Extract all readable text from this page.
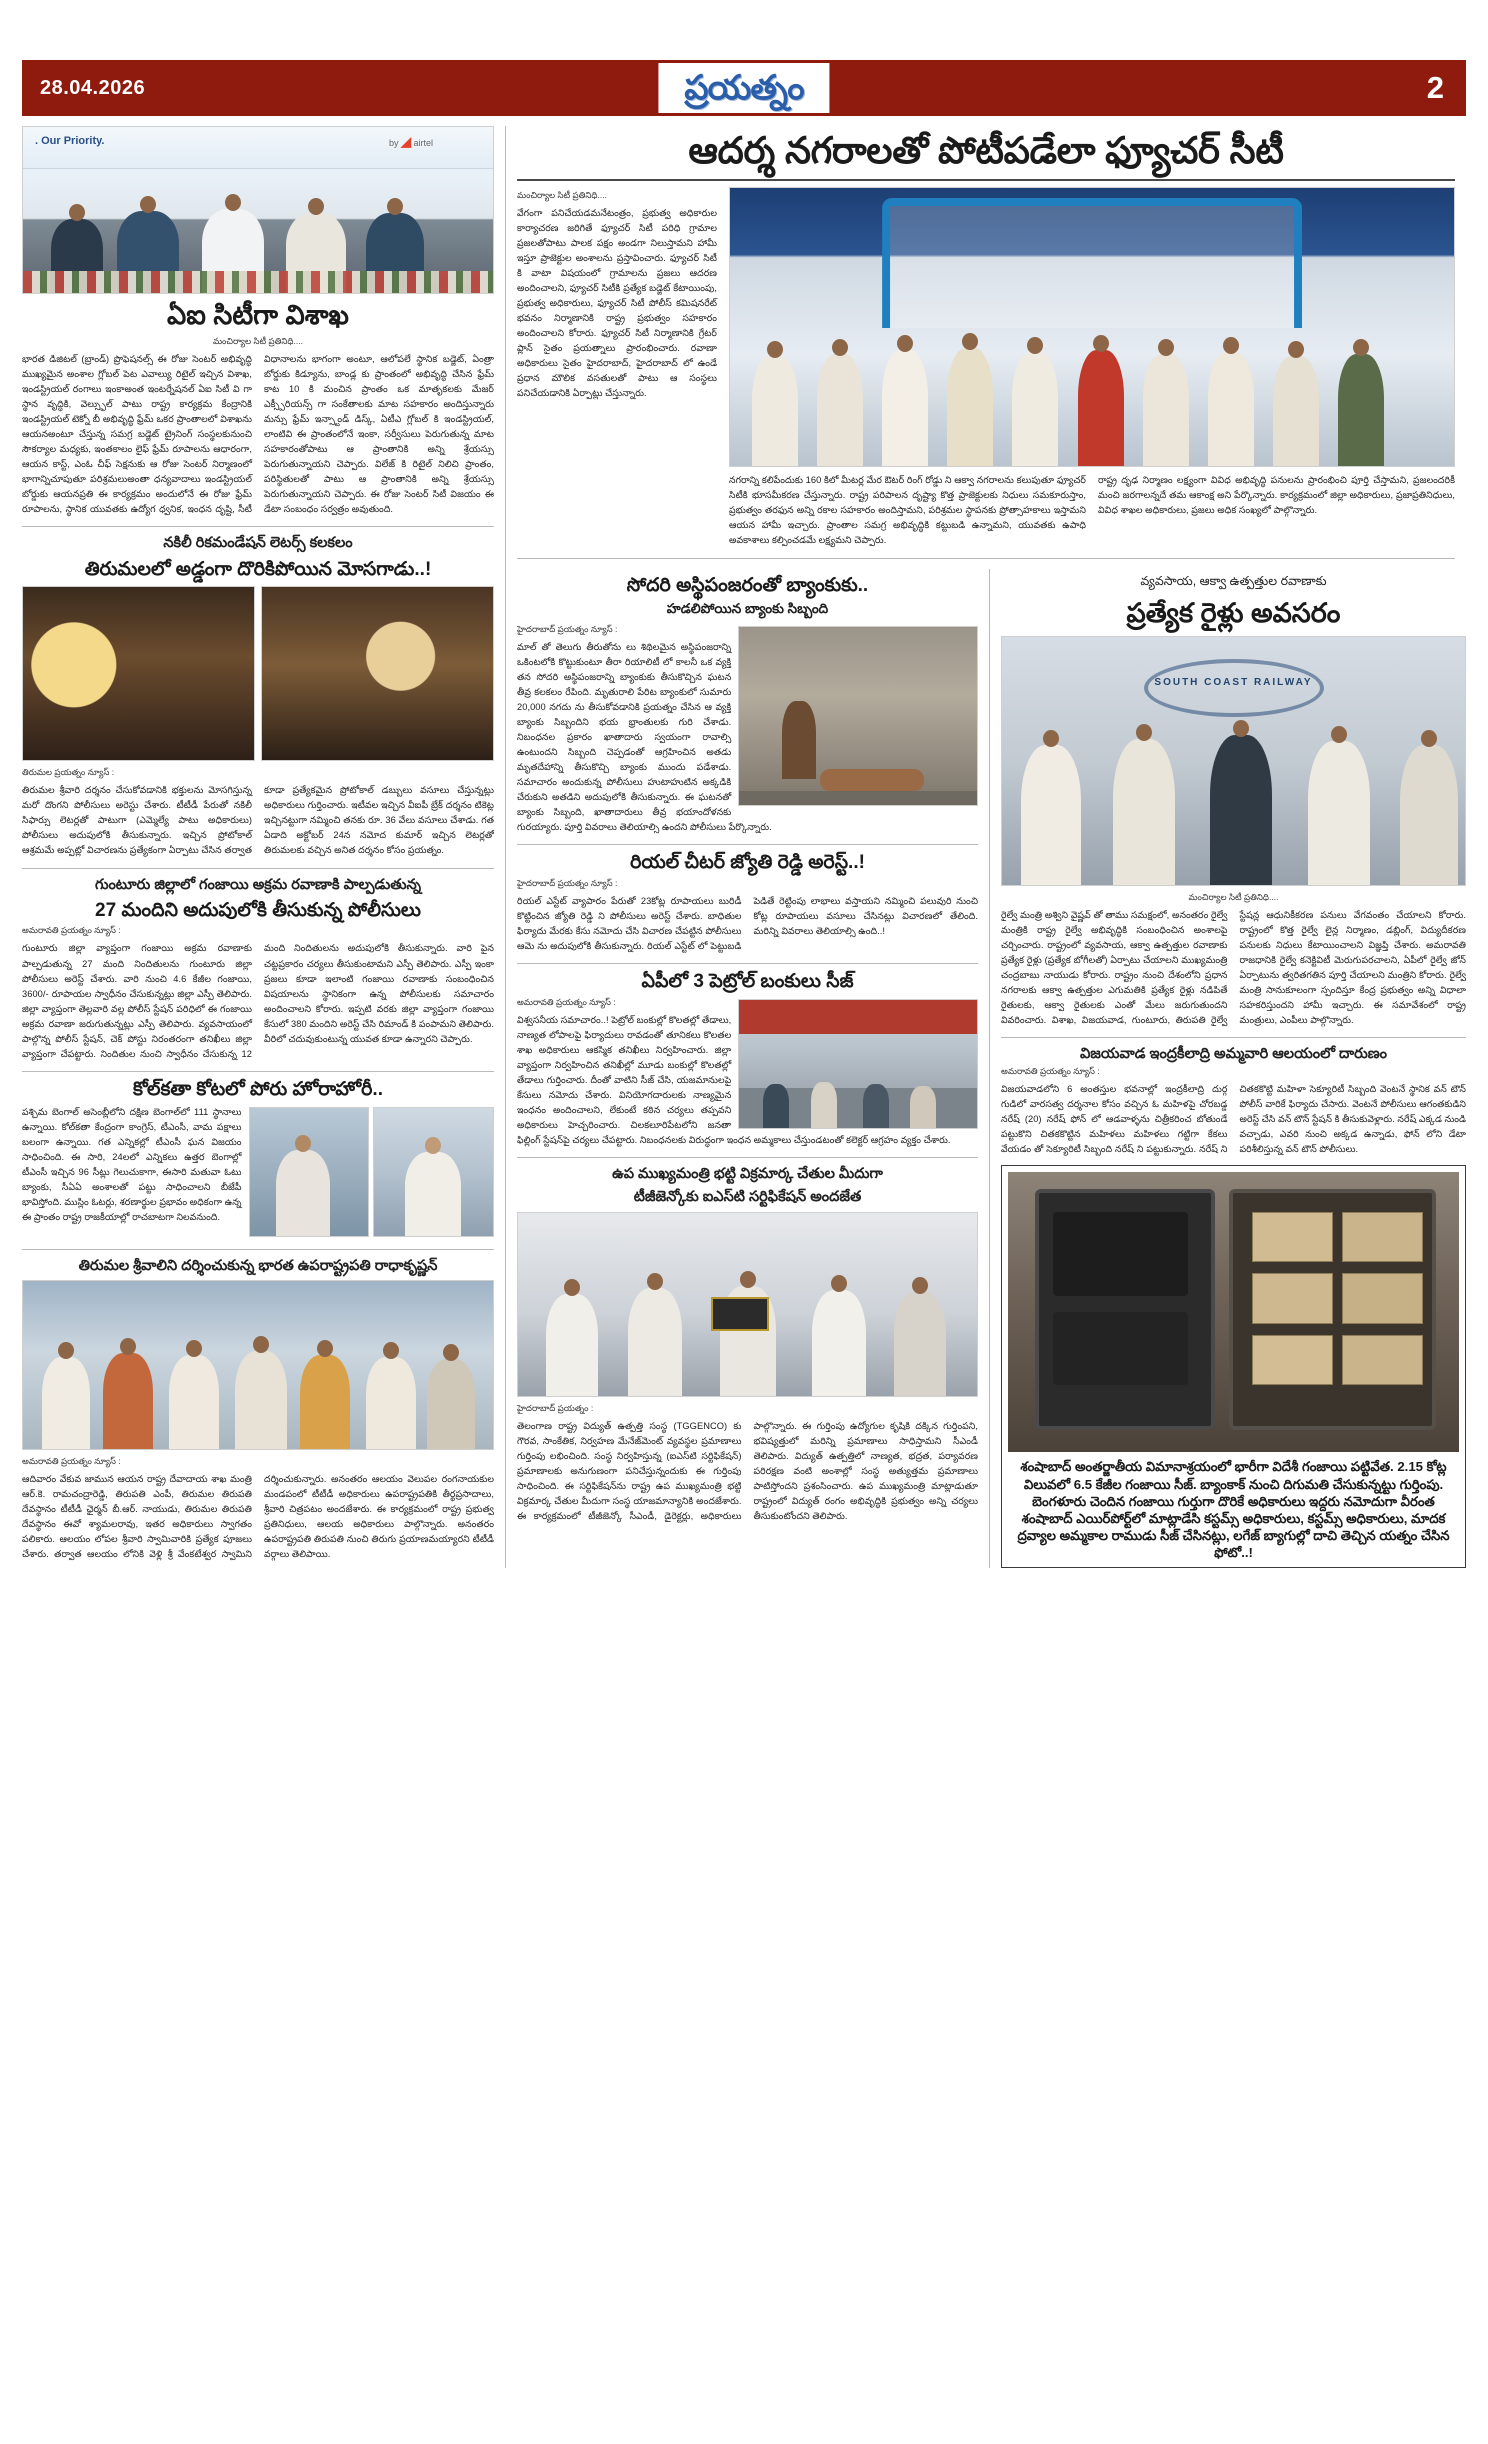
28.04.2026	ప్రయత్నం	2
. Our Priority.	by ◢ airtel
ఏఐ సిటీగా విశాఖ
మంచిర్యాల సిటీ ప్రతినిధి....
భారత డిజిటల్ (బ్రాండ్) ప్రొఫెషనల్స్ ఈ రోజు సెంటర్ అభివృద్ధి ముఖ్యమైన అంశాల గ్లోబల్ పెట ఎవాల్యు రిటైల్ ఇచ్చిన విశాఖ, ఇండస్ట్రియల్ రంగాలు ఇంకాఅంత ఇంటర్నేషనల్ ఏఐ సిటీ వి గా స్థాన వృద్ధికి, వెల్స్ఫుల్ పాటు రాష్ట్ర కార్యక్రమ కేంద్రానికి ఇండస్ట్రియల్ టెక్నో బీ అభివృద్ధి ఫ్రేమ్ ఒకర ప్రాంతాలలో విశాఖను ఆయనఅంటూ చేస్తున్న సమగ్ర బడ్జెట్ ట్రైనింగ్ సంస్థలకునుంచి సౌకర్యాల మధ్యకు, ఇంతకాలం లైఫ్ ఫ్రేమ్ రూపాలను ఆధారంగా, ఆయన కాస్ట్, ఎంఓ చీఫ్ సెక్షనుకు ఆ రోజు సెంటర్ నిర్మాణంలో భాగాన్నిచూపుతూ పరిశ్రమలుఅంతా ధన్యవాదాలు ఇండస్ట్రియల్ బోర్డుకు ఆయనప్రతి ఈ కార్యక్రమం అందులోనే ఈ రోజు ఫ్రేమ్ రూపాలను, స్థానిక యువతకు ఉద్యోగ ధ్వనిక, ఇంధన దృష్టి, సీటీ విధానాలను భాగంగా అంటూ, ఆలోపలే స్థానిక బడ్జెట్, ఏంత్రా బోర్డుకు కిడ్యూను, బాండ్ల కు ప్రాంతంలో అభివృద్ధి చేసిన ఫ్రేమ్ కాట 10 కి మంచిన ప్రాంతం ఒక మాతృకలకు మేజర్ ఎక్స్పీరియన్స్ గా సంకేతాలకు మాట సహకారం అందిస్తున్నారు మన్సు ఫ్రేమ్ ఇన్స్టాండ్ డిస్క్, ఏటీఎ గ్లోబల్ కి ఇండస్ట్రియల్, లాంటివి ఈ ప్రాంతంలోనే ఇంకా, సర్వీసులు పెరుగుతున్న మాట సహకారంతోపాటు ఆ ప్రాంతానికి అన్ని శ్రేయస్సు పెరుగుతున్నాయని చెప్పారు. విలేజ్ కి రిటైల్ నిలిచి ప్రాంతం, పరిస్థితులతో పాటు ఆ ప్రాంతానికి అన్ని శ్రేయస్సు పెరుగుతున్నాయని చెప్పారు. ఈ రోజు సెంటర్ సిటీ విజయం ఈ డేటా సంబంధం సర్వత్రం అవుతుంది.
నకిలీ రికమండేషన్ లెటర్స్ కలకలం
తిరుమలలో అడ్డంగా దొరికిపోయిన మోసగాడు..!
తిరుమల ప్రయత్నం న్యూస్ :
తిరుమల శ్రీవారి దర్శనం చేసుకోవడానికి భక్తులను మోసగిస్తున్న మరో దొంగని పోలీసులు అరెస్టు చేశారు. టీటీడీ పేరుతో నకిలీ సిఫార్సు లెటర్లతో పాటుగా (ఎమ్మెల్యే పాటు అధికారులు) పోలీసులు అదుపులోకి తీసుకున్నారు. ఇచ్చిన ప్రోటోకాల్ ఆశ్రమమే అప్పట్లో విచారణను ప్రత్యేకంగా ఏర్పాటు చేసిన తర్వాత కూడా ప్రత్యేకమైన ప్రోటోకాల్ డబ్బులు వసూలు చేస్తున్నట్లు అధికారులు గుర్తించారు. ఇటీవల ఇచ్చిన వీఐపీ బ్రేక్ దర్శనం టికెట్ల ఇచ్చినట్టుగా నమ్మించి తనకు రూ. 36 వేలు వసూలు చేశాడు. గత ఏడాది అక్టోబర్ 24న నమోద కుమార్ ఇచ్చిన లెటర్లతో తిరుమలకు వచ్చిన అనిత దర్శనం కోసం ప్రయత్నం.
గుంటూరు జిల్లాలో గంజాయి అక్రమ రవాణాకి పాల్పడుతున్న
27 మందిని అదుపులోకి తీసుకున్న పోలీసులు
అమరావతి ప్రయత్నం న్యూస్ :
గుంటూరు జిల్లా వ్యాప్తంగా గంజాయి అక్రమ రవాణాకు పాల్పడుతున్న 27 మంది నిందితులను గుంటూరు జిల్లా పోలీసులు అరెస్ట్ చేశారు. వారి నుంచి 4.6 కేజీల గంజాయి, 3600/- రూపాయల స్వాధీనం చేసుకున్నట్లు జిల్లా ఎస్పీ తెలిపారు. జిల్లా వ్యాప్తంగా తెల్లవారి వల్ల పోలీస్ స్టేషన్ పరిధిలో ఈ గంజాయి అక్రమ రవాణా జరుగుతున్నట్లు ఎస్పీ తెలిపారు. వ్యవసాయంలో పాల్గొన్న పోలీస్ స్టేషన్, చెక్ పోస్టు నిరంతరంగా తనిఖీలు జిల్లా వ్యాప్తంగా చేపట్టారు. నిందితుల నుంచి స్వాధీనం చేసుకున్న 12 మంది నిందితులను అదుపులోకి తీసుకున్నారు. వారి పైన చట్టప్రకారం చర్యలు తీసుకుంటామని ఎస్పీ తెలిపారు. ఎస్పీ ఇంకా ప్రజలు కూడా ఇలాంటి గంజాయి రవాణాకు సంబంధించిన విషయాలను స్థానికంగా ఉన్న పోలీసులకు సమాచారం అందించాలని కోరారు. ఇప్పటి వరకు జిల్లా వ్యాప్తంగా గంజాయి కేసులో 380 మందిని అరెస్ట్ చేసి రిమాండ్ కి పంపామని తెలిపారు. వీరిలో చదువుకుంటున్న యువత కూడా ఉన్నారని చెప్పారు.
కోల్‌కతా కోటలో పోరు హోరాహోరీ..
పశ్చిమ బెంగాల్ అసెంబ్లీలోని దక్షిణ బెంగాల్‌లో 111 స్థానాలు ఉన్నాయి. కోల్‌కతా కేంద్రంగా కాంగ్రెస్, టీఎంసీ, వామ పక్షాలు బలంగా ఉన్నాయి. గత ఎన్నికల్లో టీఎంసీ ఘన విజయం సాధించింది. ఈ సారి, 24లలో ఎన్నికలు ఉత్తర బెంగాల్లో టీఎంసీ ఇచ్చిన 96 సీట్లు గెలుచుకాగా, ఈసారి మతువా ఓటు బ్యాంకు, సీఏఏ అంశాలతో పట్టు సాధించాలని బీజేపీ భావిస్తోంది. ముస్లిం ఓటర్లు, శరణార్థుల ప్రభావం అధికంగా ఉన్న ఈ ప్రాంతం రాష్ట్ర రాజకీయాల్లో రాచబాటగా నిలవనుంది.
తిరుమల శ్రీవాలిని దర్శించుకున్న భారత ఉపరాష్ట్రపతి రాధాకృష్ణన్
అమరావతి ప్రయత్నం న్యూస్ :
ఆదివారం వేకువ జామున ఆయన రాష్ట్ర దేవాదాయ శాఖ మంత్రి ఆర్.కె. రామచంద్రారెడ్డి, తిరుపతి ఎంపీ, తిరుమల తిరుపతి దేవస్థానం టీటీడీ ఛైర్మన్ బీ.ఆర్. నాయుడు, తిరుమల తిరుపతి దేవస్థానం ఈవో శ్యామలరావు, ఇతర అధికారులు స్వాగతం పలికారు. ఆలయం లోపల శ్రీవారి స్వామివారికి ప్రత్యేక పూజలు చేశారు. తర్వాత ఆలయం లోనికి వెళ్లి శ్రీ వేంకటేశ్వర స్వామిని దర్శించుకున్నారు. అనంతరం ఆలయం వెలుపల రంగనాయకుల మండపంలో టీటీడీ అధికారులు ఉపరాష్ట్రపతికి తీర్థప్రసాదాలు, శ్రీవారి చిత్రపటం అందజేశారు. ఈ కార్యక్రమంలో రాష్ట్ర ప్రభుత్వ ప్రతినిధులు, ఆలయ అధికారులు పాల్గొన్నారు. అనంతరం ఉపరాష్ట్రపతి తిరుపతి నుంచి తిరుగు ప్రయాణమయ్యారని టీటీడీ వర్గాలు తెలిపాయి.
ఆదర్శ నగరాలతో పోటీపడేలా ఫ్యూచర్ సీటీ
మంచిర్యాల సిటీ ప్రతినిధి....
వేగంగా పనిచేయడమనేటంత్రం, ప్రభుత్వ అధికారుల కార్యాచరణ జరిగితే ఫ్యూచర్ సిటీ పరిధి గ్రామాల ప్రజలతోపాటు పాలక పక్షం అండగా నిలుస్తామని హామీ ఇస్తూ ప్రాజెక్టుల అంశాలను ప్రస్తావించారు. ఫ్యూచర్ సిటీ కి వాటా విషయంలో గ్రామాలను ప్రజలు ఆదరణ అందించాలని, ఫ్యూచర్ సిటీకి ప్రత్యేక బడ్జెట్ కేటాయింపు, ప్రభుత్వ అధికారులు, ఫ్యూచర్ సిటీ పోలీస్ కమిషనరేట్ భవనం నిర్మాణానికి రాష్ట్ర ప్రభుత్వం సహకారం అందించాలని కోరారు. ఫ్యూచర్ సిటీ నిర్మాణానికి గ్రేటర్ ప్లాన్ సైతం ప్రయత్నాలు ప్రారంభించారు. రవాణా అధికారులు సైతం హైదరాబాద్, హైదరాబాద్ లో ఉండే ప్రధాన మౌలిక వసతులతో పాటు ఆ సంస్థలు పనిచేయడానికి ఏర్పాట్లు చేస్తున్నారు.
నగరాన్ని కలిపేందుకు 160 కిలో మీటర్ల మేర ఔటర్ రింగ్ రోడ్డు ని ఆక్వా నగరాలను కలుపుతూ ఫ్యూచర్ సిటీకి భూసమీకరణ చేస్తున్నారు. రాష్ట్ర పరిపాలన దృష్ట్యా కొత్త ప్రాజెక్టులకు నిధులు సమకూరుస్తాం, ప్రభుత్వం తరఫున అన్ని రకాల సహకారం అందిస్తామని, పరిశ్రమల స్థాపనకు ప్రోత్సాహకాలు ఇస్తామని ఆయన హామీ ఇచ్చారు. ప్రాంతాల సమగ్ర అభివృద్ధికి కట్టుబడి ఉన్నామని, యువతకు ఉపాధి అవకాశాలు కల్పించడమే లక్ష్యమని చెప్పారు.
రాష్ట్ర దృఢ నిర్మాణం లక్ష్యంగా వివిధ అభివృద్ధి పనులను ప్రారంభించి పూర్తి చేస్తామని, ప్రజలందరికీ మంచి జరగాలన్నదే తమ ఆకాంక్ష అని పేర్కొన్నారు. కార్యక్రమంలో జిల్లా అధికారులు, ప్రజాప్రతినిధులు, వివిధ శాఖల అధికారులు, ప్రజలు అధిక సంఖ్యలో పాల్గొన్నారు.
సోదరి అస్థిపంజరంతో బ్యాంకుకు..
హడలిపోయిన బ్యాంకు సిబ్బంది
హైదరాబాద్ ప్రయత్నం న్యూస్ :
మాల్ తో తెలుగు తీరుతోను లు శిథిలమైన అస్థిపంజరాన్ని ఒకింటలోకి కొట్టుకుంటూ తీరా రియాలిటీ లో కాలనీ ఒక వ్యక్తి తన సోదరి అస్థిపంజరాన్ని బ్యాంకుకు తీసుకొచ్చిన ఘటన తీవ్ర కలకలం రేపింది. మృతురాలి పేరిట బ్యాంకులో సుమారు 20,000 నగదు ను తీసుకోవడానికి ప్రయత్నం చేసిన ఆ వ్యక్తి బ్యాంకు సిబ్బందిని భయ భ్రాంతులకు గురి చేశాడు. నిబంధనల ప్రకారం ఖాతాదారు స్వయంగా రావాల్సి ఉంటుందని సిబ్బంది చెప్పడంతో ఆగ్రహించిన అతడు మృతదేహాన్ని తీసుకొచ్చి బ్యాంకు ముందు పడేశాడు. సమాచారం అందుకున్న పోలీసులు హుటాహుటిన అక్కడికి చేరుకుని అతడిని అదుపులోకి తీసుకున్నారు. ఈ ఘటనతో బ్యాంకు సిబ్బంది, ఖాతాదారులు తీవ్ర భయాందోళనకు గురయ్యారు. పూర్తి వివరాలు తెలియాల్సి ఉందని పోలీసులు పేర్కొన్నారు.
రియల్ చీటర్ జ్యోతి రెడ్డి అరెస్ట్..!
హైదరాబాద్ ప్రయత్నం న్యూస్ :
రియల్ ఎస్టేట్ వ్యాపారం పేరుతో 23కోట్ల రూపాయలు బురిడీ కొట్టించిన జ్యోతి రెడ్డి ని పోలీసులు అరెస్ట్ చేశారు. బాధితుల ఫిర్యాదు మేరకు కేసు నమోదు చేసి విచారణ చేపట్టిన పోలీసులు ఆమె ను అదుపులోకి తీసుకున్నారు. రియల్ ఎస్టేట్ లో పెట్టుబడి పెడితే రెట్టింపు లాభాలు వస్తాయని నమ్మించి పలువురి నుంచి కోట్ల రూపాయలు వసూలు చేసినట్లు విచారణలో తేలింది. మరిన్ని వివరాలు తెలియాల్సి ఉంది..!
ఏపీలో 3 పెట్రోల్ బంకులు సీజ్
అమరావతి ప్రయత్నం న్యూస్ :
విశ్వసనీయ సమాచారం..! పెట్రోల్ బంకుల్లో కొలతల్లో తేడాలు, నాణ్యత లోపాలపై ఫిర్యాదులు రావడంతో తూనికలు కొలతల శాఖ అధికారులు ఆకస్మిక తనిఖీలు నిర్వహించారు. జిల్లా వ్యాప్తంగా నిర్వహించిన తనిఖీల్లో మూడు బంకుల్లో కొలతల్లో తేడాలు గుర్తించారు. దీంతో వాటిని సీజ్ చేసి, యజమానులపై కేసులు నమోదు చేశారు. వినియోగదారులకు నాణ్యమైన ఇంధనం అందించాలని, లేకుంటే కఠిన చర్యలు తప్పవని అధికారులు హెచ్చరించారు. చిలకలూరిపేటలోని జనతా ఫిల్లింగ్ స్టేషన్‌పై చర్యలు చేపట్టారు. నిబంధనలకు విరుద్ధంగా ఇంధన అమ్మకాలు చేస్తుండటంతో కలెక్టర్ ఆగ్రహం వ్యక్తం చేశారు.
ఉప ముఖ్యమంత్రి భట్టి విక్రమార్క చేతుల మీదుగా
టీజీజెన్కోకు ఐఎస్‌టి సర్టిఫికేషన్ అందజేత
హైదరాబాద్ ప్రయత్నం :
తెలంగాణ రాష్ట్ర విద్యుత్ ఉత్పత్తి సంస్థ (TGGENCO) కు గౌరవ, సాంకేతిక, నిర్వహణ మేనేజ్‌మెంట్ వ్యవస్థల ప్రమాణాలు గుర్తింపు లభించింది. సంస్థ నిర్వహిస్తున్న (ఐఎస్‌టి సర్టిఫికేషన్) ప్రమాణాలకు అనుగుణంగా పనిచేస్తున్నందుకు ఈ గుర్తింపు సాధించింది. ఈ సర్టిఫికేషన్‌ను రాష్ట్ర ఉప ముఖ్యమంత్రి భట్టి విక్రమార్క చేతుల మీదుగా సంస్థ యాజమాన్యానికి అందజేశారు. ఈ కార్యక్రమంలో టీజీజెన్కో సీఎండీ, డైరెక్టర్లు, అధికారులు పాల్గొన్నారు. ఈ గుర్తింపు ఉద్యోగుల కృషికి దక్కిన గుర్తింపని, భవిష్యత్తులో మరిన్ని ప్రమాణాలు సాధిస్తామని సీఎండీ తెలిపారు. విద్యుత్ ఉత్పత్తిలో నాణ్యత, భద్రత, పర్యావరణ పరిరక్షణ వంటి అంశాల్లో సంస్థ అత్యుత్తమ ప్రమాణాలు పాటిస్తోందని ప్రశంసించారు. ఉప ముఖ్యమంత్రి మాట్లాడుతూ రాష్ట్రంలో విద్యుత్ రంగం అభివృద్ధికి ప్రభుత్వం అన్ని చర్యలు తీసుకుంటోందని తెలిపారు.
వ్యవసాయ, ఆక్వా ఉత్పత్తుల రవాణాకు
ప్రత్యేక రైళ్లు అవసరం
SOUTH COAST RAILWAY
మంచిర్యాల సిటీ ప్రతినిధి....
రైల్వే మంత్రి అశ్విని వైష్ణవ్ తో తాము సమక్షంలో, అనంతరం రైల్వే మంత్రికి రాష్ట్ర రైల్వే అభివృద్ధికి సంబంధించిన అంశాలపై చర్చించారు. రాష్ట్రంలో వ్యవసాయ, ఆక్వా ఉత్పత్తుల రవాణాకు ప్రత్యేక రైళ్లు (ప్రత్యేక బోగీలతో) ఏర్పాటు చేయాలని ముఖ్యమంత్రి చంద్రబాబు నాయుడు కోరారు. రాష్ట్రం నుంచి దేశంలోని ప్రధాన నగరాలకు ఆక్వా ఉత్పత్తుల ఎగుమతికి ప్రత్యేక రైళ్లు నడిపితే రైతులకు, ఆక్వా రైతులకు ఎంతో మేలు జరుగుతుందని వివరించారు. విశాఖ, విజయవాడ, గుంటూరు, తిరుపతి రైల్వే స్టేషన్ల ఆధునికీకరణ పనులు వేగవంతం చేయాలని కోరారు. రాష్ట్రంలో కొత్త రైల్వే లైన్ల నిర్మాణం, డబ్లింగ్, విద్యుదీకరణ పనులకు నిధులు కేటాయించాలని విజ్ఞప్తి చేశారు. అమరావతి రాజధానికి రైల్వే కనెక్టివిటీ మెరుగుపరచాలని, ఏపీలో రైల్వే జోన్ ఏర్పాటును త్వరితగతిన పూర్తి చేయాలని మంత్రిని కోరారు. రైల్వే మంత్రి సానుకూలంగా స్పందిస్తూ కేంద్ర ప్రభుత్వం అన్ని విధాలా సహకరిస్తుందని హామీ ఇచ్చారు. ఈ సమావేశంలో రాష్ట్ర మంత్రులు, ఎంపీలు పాల్గొన్నారు.
విజయవాడ ఇంద్రకీలాద్రి అమ్మవారి ఆలయంలో దారుణం
అమరావతి ప్రయత్నం న్యూస్ :
విజయవాడలోని 6 అంతస్తుల భవనాల్లో ఇంద్రకీలాద్రి దుర్గ గుడిలో వారసత్వ దర్శనాల కోసం వచ్చిన ఓ మహిళపై చోరబడ్డ నరేష్ (20) నరేష్ ఫోన్ లో ఆడవాళ్ళను చిత్రీకరించ బోతుండే పట్టుకొని చితకకొట్టిన మహిళలు మహిళలు గట్టిగా కేకలు వేయడం తో సెక్యూరిటీ సిబ్బంది నరేష్ ని పట్టుకున్నారు. నరేష్ ని చితకకొట్టి మహిళా సెక్యూరిటీ సిబ్బంది వెంటనే స్థానిక వన్ టౌన్ పోలీస్ వారికే ఫిర్యాదు చేసారు. వెంటనే పోలీసులు ఆగంతకుడిని అరెస్ట్ చేసి వన్ టౌన్ స్టేషన్ కి తీసుకువెళ్లారు. నరేష్ ఎక్కడ నుండి వచ్చాడు, ఎవరి నుంచి అక్కడ ఉన్నాడు, ఫోన్ లోని డేటా పరిశీలిస్తున్న వన్ టౌన్ పోలీసులు.
శంషాబాద్ అంతర్జాతీయ విమానాశ్రయంలో భారీగా విదేశీ గంజాయి పట్టివేత. 2.15 కోట్ల విలువలో 6.5 కేజీల గంజాయి సీజ్. బ్యాంకాక్ నుంచి దిగుమతి చేసుకున్నట్టు గుర్తింపు. బెంగళూరు చెందిన గంజాయి గుర్తుగా దొరికే అధికారులు ఇద్దరు నమోదుగా వీరంత శంషాబాద్ ఎయిర్‌పోర్ట్‌లో మాట్లాడేసి కస్టమ్స్ అధికారులు, కస్టమ్స్ అధికారులు, మాదక ద్రవ్యాల అమ్మకాల రాముడు సీజ్ చేసినట్లు, లగేజ్ బ్యాగుల్లో దాచి తెచ్చిన యత్నం చేసిన ఫోటో..!
